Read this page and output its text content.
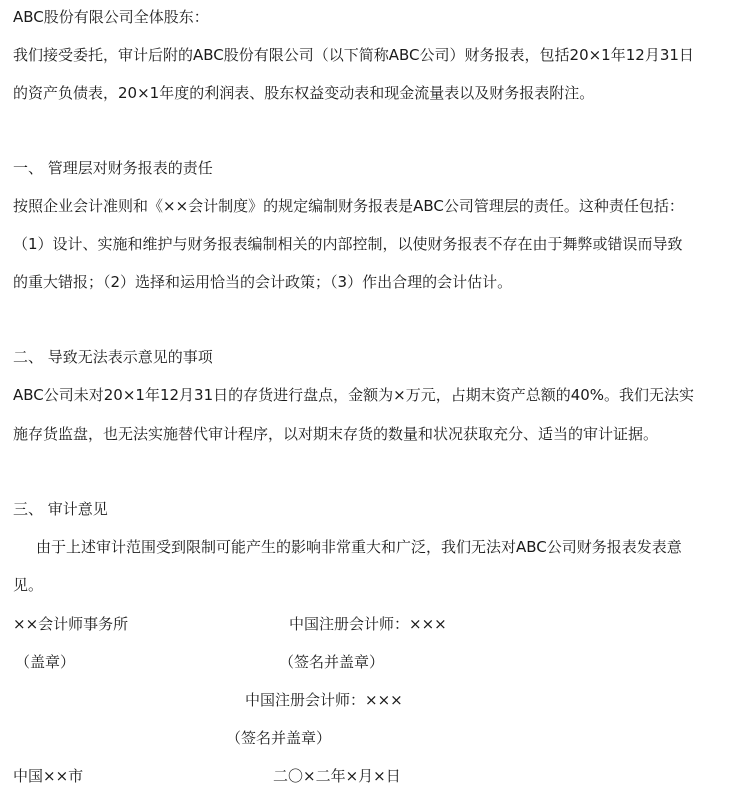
ABC股份有限公司全体股东：
我们接受委托，审计后附的ABC股份有限公司（以下简称ABC公司）财务报表，包括20×1年12月31日
的资产负债表，20×1年度的利润表、股东权益变动表和现金流量表以及财务报表附注。
一、 管理层对财务报表的责任
按照企业会计准则和《××会计制度》的规定编制财务报表是ABC公司管理层的责任。这种责任包括：
（1）设计、实施和维护与财务报表编制相关的内部控制，以使财务报表不存在由于舞弊或错误而导致
的重大错报；（2）选择和运用恰当的会计政策；（3）作出合理的会计估计。
二、 导致无法表示意见的事项
ABC公司未对20×1年12月31日的存货进行盘点，金额为×万元，占期末资产总额的40%。我们无法实
施存货监盘，也无法实施替代审计程序，以对期末存货的数量和状况获取充分、适当的审计证据。
三、 审计意见
由于上述审计范围受到限制可能产生的影响非常重大和广泛，我们无法对ABC公司财务报表发表意
见。
××会计师事务所	中国注册会计师：×××
（盖章）	（签名并盖章）
中国注册会计师：×××
（签名并盖章）
中国××市	二〇×二年×月×日
